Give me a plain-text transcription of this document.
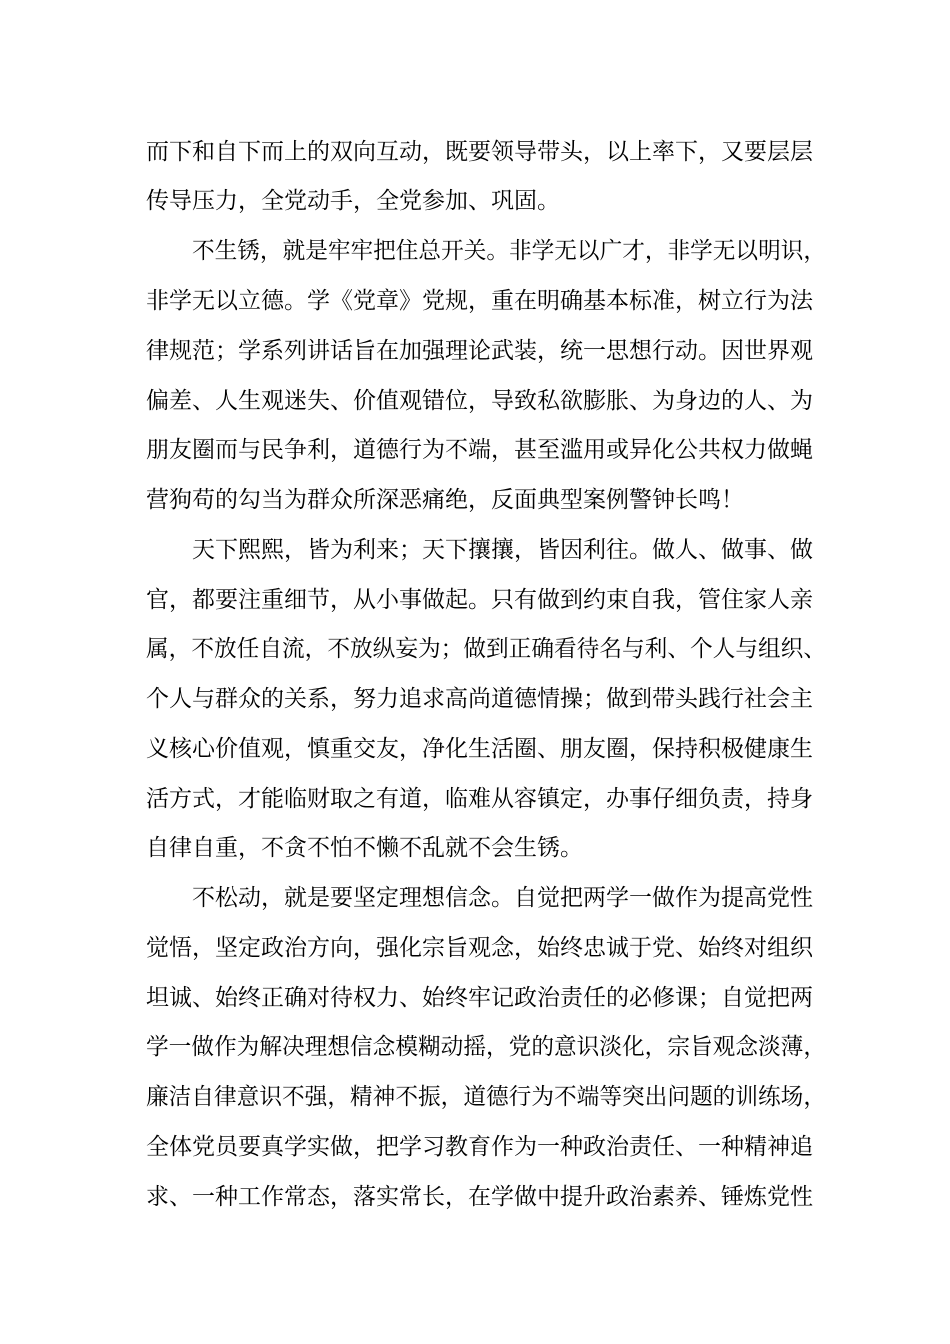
而下和自下而上的双向互动，既要领导带头，以上率下，又要层层
传导压力，全党动手，全党参加、巩固。
不生锈，就是牢牢把住总开关。非学无以广才，非学无以明识，
非学无以立德。学《党章》党规，重在明确基本标准，树立行为法
律规范；学系列讲话旨在加强理论武装，统一思想行动。因世界观
偏差、人生观迷失、价值观错位，导致私欲膨胀、为身边的人、为
朋友圈而与民争利，道德行为不端，甚至滥用或异化公共权力做蝇
营狗苟的勾当为群众所深恶痛绝，反面典型案例警钟长鸣！
天下熙熙，皆为利来；天下攘攘，皆因利往。做人、做事、做
官，都要注重细节，从小事做起。只有做到约束自我，管住家人亲
属，不放任自流，不放纵妄为；做到正确看待名与利、个人与组织、
个人与群众的关系，努力追求高尚道德情操；做到带头践行社会主
义核心价值观，慎重交友，净化生活圈、朋友圈，保持积极健康生
活方式，才能临财取之有道，临难从容镇定，办事仔细负责，持身
自律自重，不贪不怕不懒不乱就不会生锈。
不松动，就是要坚定理想信念。自觉把两学一做作为提高党性
觉悟，坚定政治方向，强化宗旨观念，始终忠诚于党、始终对组织
坦诚、始终正确对待权力、始终牢记政治责任的必修课；自觉把两
学一做作为解决理想信念模糊动摇，党的意识淡化，宗旨观念淡薄，
廉洁自律意识不强，精神不振，道德行为不端等突出问题的训练场，
全体党员要真学实做，把学习教育作为一种政治责任、一种精神追
求、一种工作常态，落实常长，在学做中提升政治素养、锤炼党性
